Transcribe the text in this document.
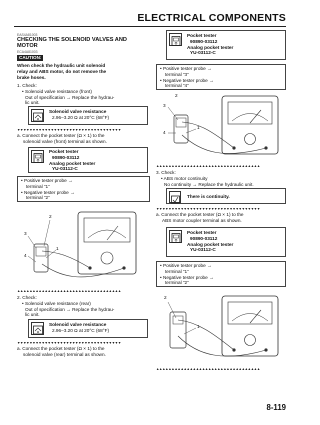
ELECTRICAL COMPONENTS
EAS4A81003
CHECKING THE SOLENOID VALVES AND
MOTOR
ECA4A81003
CAUTION:
When check the hydraulic unit solenoid
relay and ABS motor, do not remove the
brake hoses.
1. Check:
• Solenoid valve resistance (front)
Out of specification → Replace the hydrau-
lic unit.
Solenoid valve resistance
2.96–3.20 Ω at 20°C (68°F)
▼▼▼▼▼▼▼▼▼▼▼▼▼▼▼▼▼▼▼▼▼▼▼▼▼▼▼▼▼▼▼▼▼▼
a. Connect the pocket tester (Ω × 1) to the
solenoid valve (front) terminal as shown.
Pocket tester
90890-03112
Analog pocket tester
YU-03112-C
• Positive tester probe →
terminal “1”
• Negative tester probe →
terminal “2”
3
4
2
1
▲▲▲▲▲▲▲▲▲▲▲▲▲▲▲▲▲▲▲▲▲▲▲▲▲▲▲▲▲▲▲▲▲▲
2. Check:
• Solenoid valve resistance (rear)
Out of specification → Replace the hydrau-
lic unit.
Solenoid valve resistance
2.96–3.20 Ω at 20°C (68°F)
▼▼▼▼▼▼▼▼▼▼▼▼▼▼▼▼▼▼▼▼▼▼▼▼▼▼▼▼▼▼▼▼▼▼
a. Connect the pocket tester (Ω × 1) to the
solenoid valve (rear) terminal as shown.
Pocket tester
90890-03112
Analog pocket tester
YU-03112-C
• Positive tester probe →
terminal “3”
• Negative tester probe →
terminal “4”
2
3
4
1
▲▲▲▲▲▲▲▲▲▲▲▲▲▲▲▲▲▲▲▲▲▲▲▲▲▲▲▲▲▲▲▲▲▲
3. Check:
• ABS motor continuity
No continuity → Replace the hydraulic unit.
There is continuity.
▼▼▼▼▼▼▼▼▼▼▼▼▼▼▼▼▼▼▼▼▼▼▼▼▼▼▼▼▼▼▼▼▼▼
a. Connect the pocket tester (Ω × 1) to the
ABS motor coupler terminal as shown.
Pocket tester
90890-03112
Analog pocket tester
YU-03112-C
• Positive tester probe →
terminal “1”
• Negative tester probe →
terminal “2”
2
1
▲▲▲▲▲▲▲▲▲▲▲▲▲▲▲▲▲▲▲▲▲▲▲▲▲▲▲▲▲▲▲▲▲▲
8-119
